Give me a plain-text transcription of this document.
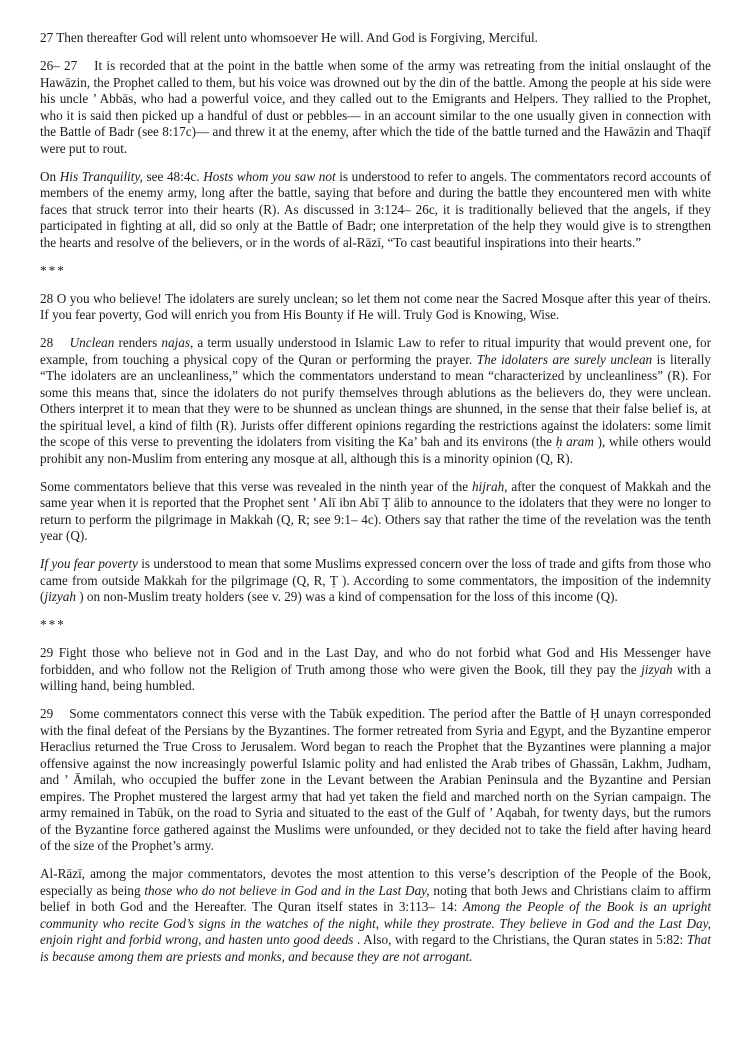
27 Then thereafter God will relent unto whomsoever He will. And God is Forgiving, Merciful.

26– 27    It is recorded that at the point in the battle when some of the army was retreating from the initial onslaught of the Hawāzin, the Prophet called to them, but his voice was drowned out by the din of the battle. Among the people at his side were his uncle ’ Abbās, who had a powerful voice, and they called out to the Emigrants and Helpers. They rallied to the Prophet, who it is said then picked up a handful of dust or pebbles— in an account similar to the one usually given in connection with the Battle of Badr (see 8:17c)— and threw it at the enemy, after which the tide of the battle turned and the Hawāzin and Thaqīf were put to rout.

On His Tranquility, see 48:4c. Hosts whom you saw not is understood to refer to angels. The commentators record accounts of members of the enemy army, long after the battle, saying that before and during the battle they encountered men with white faces that struck terror into their hearts (R). As discussed in 3:124– 26c, it is traditionally believed that the angels, if they participated in fighting at all, did so only at the Battle of Badr; one interpretation of the help they would give is to strengthen the hearts and resolve of the believers, or in the words of al-Rāzī, “To cast beautiful inspirations into their hearts.”

***

28 O you who believe! The idolaters are surely unclean; so let them not come near the Sacred Mosque after this year of theirs. If you fear poverty, God will enrich you from His Bounty if He will. Truly God is Knowing, Wise.

28    Unclean renders najas, a term usually understood in Islamic Law to refer to ritual impurity that would prevent one, for example, from touching a physical copy of the Quran or performing the prayer. The idolaters are surely unclean is literally “The idolaters are an uncleanliness,” which the commentators understand to mean “characterized by uncleanliness” (R). For some this means that, since the idolaters do not purify themselves through ablutions as the believers do, they were unclean. Others interpret it to mean that they were to be shunned as unclean things are shunned, in the sense that their false belief is, at the spiritual level, a kind of filth (R). Jurists offer different opinions regarding the restrictions against the idolaters: some limit the scope of this verse to preventing the idolaters from visiting the Ka’ bah and its environs (the ḥ aram ), while others would prohibit any non-Muslim from entering any mosque at all, although this is a minority opinion (Q, R).

Some commentators believe that this verse was revealed in the ninth year of the hijrah, after the conquest of Makkah and the same year when it is reported that the Prophet sent ’ Alī ibn Abī Ṭ ālib to announce to the idolaters that they were no longer to return to perform the pilgrimage in Makkah (Q, R; see 9:1– 4c). Others say that rather the time of the revelation was the tenth year (Q).

If you fear poverty is understood to mean that some Muslims expressed concern over the loss of trade and gifts from those who came from outside Makkah for the pilgrimage (Q, R, Ṭ ). According to some commentators, the imposition of the indemnity (jizyah ) on non-Muslim treaty holders (see v. 29) was a kind of compensation for the loss of this income (Q).

***

29 Fight those who believe not in God and in the Last Day, and who do not forbid what God and His Messenger have forbidden, and who follow not the Religion of Truth among those who were given the Book, till they pay the jizyah with a willing hand, being humbled.

29    Some commentators connect this verse with the Tabūk expedition. The period after the Battle of Ḥ unayn corresponded with the final defeat of the Persians by the Byzantines. The former retreated from Syria and Egypt, and the Byzantine emperor Heraclius returned the True Cross to Jerusalem. Word began to reach the Prophet that the Byzantines were planning a major offensive against the now increasingly powerful Islamic polity and had enlisted the Arab tribes of Ghassān, Lakhm, Judham, and ’ Āmilah, who occupied the buffer zone in the Levant between the Arabian Peninsula and the Byzantine and Persian empires. The Prophet mustered the largest army that had yet taken the field and marched north on the Syrian campaign. The army remained in Tabūk, on the road to Syria and situated to the east of the Gulf of ’ Aqabah, for twenty days, but the rumors of the Byzantine force gathered against the Muslims were unfounded, or they decided not to take the field after having heard of the size of the Prophet’s army.

Al-Rāzī, among the major commentators, devotes the most attention to this verse’s description of the People of the Book, especially as being those who do not believe in God and in the Last Day, noting that both Jews and Christians claim to affirm belief in both God and the Hereafter. The Quran itself states in 3:113– 14: Among the People of the Book is an upright community who recite God’s signs in the watches of the night, while they prostrate. They believe in God and the Last Day, enjoin right and forbid wrong, and hasten unto good deeds . Also, with regard to the Christians, the Quran states in 5:82: That is because among them are priests and monks, and because they are not arrogant.
